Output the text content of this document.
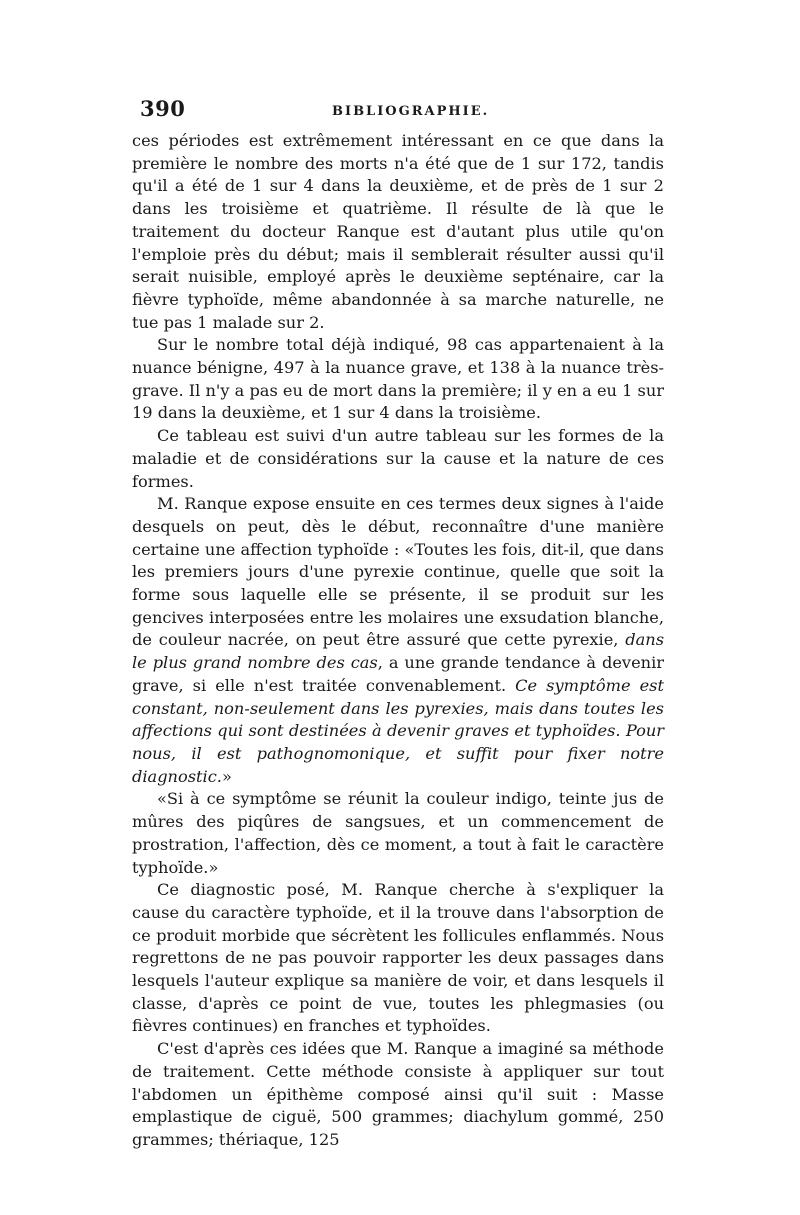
390	BIBLIOGRAPHIE.

ces périodes est extrêmement intéressant en ce que dans la première le nombre des morts n'a été que de 1 sur 172, tandis qu'il a été de 1 sur 4 dans la deuxième, et de près de 1 sur 2 dans les troisième et quatrième. Il résulte de là que le traitement du docteur Ranque est d'autant plus utile qu'on l'emploie près du début; mais il semblerait résulter aussi qu'il serait nuisible, employé après le deuxième septénaire, car la fièvre typhoïde, même abandonnée à sa marche naturelle, ne tue pas 1 malade sur 2.

Sur le nombre total déjà indiqué, 98 cas appartenaient à la nuance bénigne, 497 à la nuance grave, et 138 à la nuance très-grave. Il n'y a pas eu de mort dans la première; il y en a eu 1 sur 19 dans la deuxième, et 1 sur 4 dans la troisième.

Ce tableau est suivi d'un autre tableau sur les formes de la maladie et de considérations sur la cause et la nature de ces formes.

M. Ranque expose ensuite en ces termes deux signes à l'aide desquels on peut, dès le début, reconnaître d'une manière certaine une affection typhoïde : «Toutes les fois, dit-il, que dans les premiers jours d'une pyrexie continue, quelle que soit la forme sous laquelle elle se présente, il se produit sur les gencives interposées entre les molaires une exsudation blanche, de couleur nacrée, on peut être assuré que cette pyrexie, dans le plus grand nombre des cas, a une grande tendance à devenir grave, si elle n'est traitée convenablement. Ce symptôme est constant, non-seulement dans les pyrexies, mais dans toutes les affections qui sont destinées à devenir graves et typhoïdes. Pour nous, il est pathognomonique, et suffit pour fixer notre diagnostic.»

«Si à ce symptôme se réunit la couleur indigo, teinte jus de mûres des piqûres de sangsues, et un commencement de prostration, l'affection, dès ce moment, a tout à fait le caractère typhoïde.»

Ce diagnostic posé, M. Ranque cherche à s'expliquer la cause du caractère typhoïde, et il la trouve dans l'absorption de ce produit morbide que sécrètent les follicules enflammés. Nous regrettons de ne pas pouvoir rapporter les deux passages dans lesquels l'auteur explique sa manière de voir, et dans lesquels il classe, d'après ce point de vue, toutes les phlegmasies (ou fièvres continues) en franches et typhoïdes.

C'est d'après ces idées que M. Ranque a imaginé sa méthode de traitement. Cette méthode consiste à appliquer sur tout l'abdomen un épithème composé ainsi qu'il suit : Masse emplastique de ciguë, 500 grammes; diachylum gommé, 250 grammes; thériaque, 125
